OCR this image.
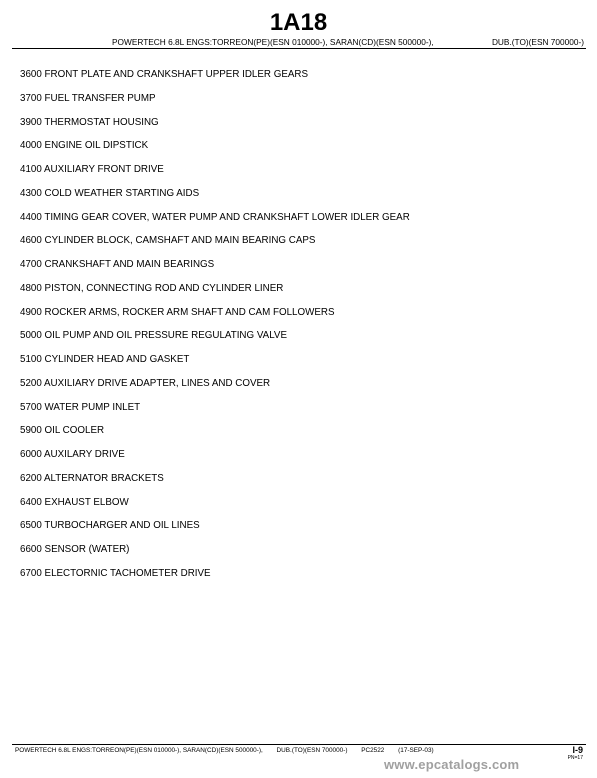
1A18
POWERTECH 6.8L ENGS:TORREON(PE)(ESN 010000-), SARAN(CD)(ESN 500000-),	DUB.(TO)(ESN 700000-)
3600 FRONT PLATE AND CRANKSHAFT UPPER IDLER GEARS
3700 FUEL TRANSFER PUMP
3900 THERMOSTAT HOUSING
4000 ENGINE OIL DIPSTICK
4100 AUXILIARY FRONT DRIVE
4300 COLD WEATHER STARTING AIDS
4400 TIMING GEAR COVER, WATER PUMP AND CRANKSHAFT LOWER IDLER GEAR
4600 CYLINDER BLOCK, CAMSHAFT AND MAIN BEARING CAPS
4700 CRANKSHAFT AND MAIN BEARINGS
4800 PISTON, CONNECTING ROD AND CYLINDER LINER
4900 ROCKER ARMS, ROCKER ARM SHAFT AND CAM FOLLOWERS
5000 OIL PUMP AND OIL PRESSURE REGULATING VALVE
5100 CYLINDER HEAD AND GASKET
5200 AUXILIARY DRIVE ADAPTER, LINES AND COVER
5700 WATER PUMP INLET
5900 OIL COOLER
6000 AUXILARY DRIVE
6200 ALTERNATOR BRACKETS
6400 EXHAUST ELBOW
6500 TURBOCHARGER AND OIL LINES
6600 SENSOR (WATER)
6700 ELECTORNIC TACHOMETER DRIVE
POWERTECH 6.8L ENGS:TORREON(PE)(ESN 010000-), SARAN(CD)(ESN 500000-), DUB.(TO)(ESN 700000-) PC2522 (17-SEP-03)	I-9
PN=17
www.epcatalogs.com
